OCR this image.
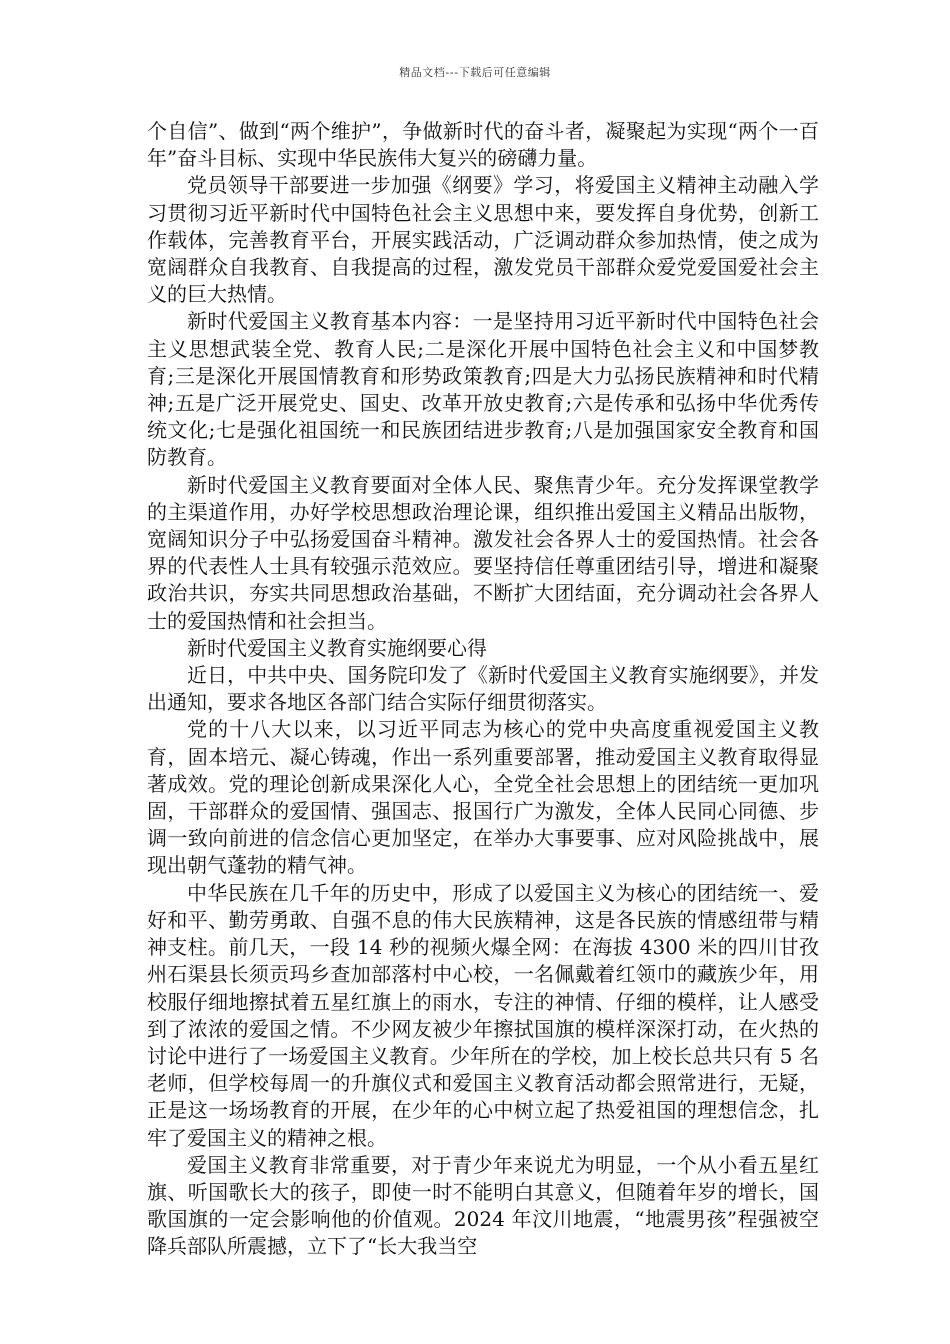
精品文档---下载后可任意编辑

个自信”、做到“两个维护”，争做新时代的奋斗者，凝聚起为实现“两个一百年”奋斗目标、实现中华民族伟大复兴的磅礴力量。

党员领导干部要进一步加强《纲要》学习，将爱国主义精神主动融入学习贯彻习近平新时代中国特色社会主义思想中来，要发挥自身优势，创新工作载体，完善教育平台，开展实践活动，广泛调动群众参加热情，使之成为宽阔群众自我教育、自我提高的过程，激发党员干部群众爱党爱国爱社会主义的巨大热情。

新时代爱国主义教育基本内容：一是坚持用习近平新时代中国特色社会主义思想武装全党、教育人民;二是深化开展中国特色社会主义和中国梦教育;三是深化开展国情教育和形势政策教育;四是大力弘扬民族精神和时代精神;五是广泛开展党史、国史、改革开放史教育;六是传承和弘扬中华优秀传统文化;七是强化祖国统一和民族团结进步教育;八是加强国家安全教育和国防教育。

新时代爱国主义教育要面对全体人民、聚焦青少年。充分发挥课堂教学的主渠道作用，办好学校思想政治理论课，组织推出爱国主义精品出版物，宽阔知识分子中弘扬爱国奋斗精神。激发社会各界人士的爱国热情。社会各界的代表性人士具有较强示范效应。要坚持信任尊重团结引导，增进和凝聚政治共识，夯实共同思想政治基础，不断扩大团结面，充分调动社会各界人士的爱国热情和社会担当。

新时代爱国主义教育实施纲要心得

近日，中共中央、国务院印发了《新时代爱国主义教育实施纲要》，并发出通知，要求各地区各部门结合实际仔细贯彻落实。

党的十八大以来，以习近平同志为核心的党中央高度重视爱国主义教育，固本培元、凝心铸魂，作出一系列重要部署，推动爱国主义教育取得显著成效。党的理论创新成果深化人心，全党全社会思想上的团结统一更加巩固，干部群众的爱国情、强国志、报国行广为激发，全体人民同心同德、步调一致向前进的信念信心更加坚定，在举办大事要事、应对风险挑战中，展现出朝气蓬勃的精气神。

中华民族在几千年的历史中，形成了以爱国主义为核心的团结统一、爱好和平、勤劳勇敢、自强不息的伟大民族精神，这是各民族的情感纽带与精神支柱。前几天，一段 14 秒的视频火爆全网：在海拔 4300 米的四川甘孜州石渠县长须贡玛乡查加部落村中心校，一名佩戴着红领巾的藏族少年，用校服仔细地擦拭着五星红旗上的雨水，专注的神情、仔细的模样，让人感受到了浓浓的爱国之情。不少网友被少年擦拭国旗的模样深深打动，在火热的讨论中进行了一场爱国主义教育。少年所在的学校，加上校长总共只有 5 名老师，但学校每周一的升旗仪式和爱国主义教育活动都会照常进行，无疑，正是这一场场教育的开展，在少年的心中树立起了热爱祖国的理想信念，扎牢了爱国主义的精神之根。

爱国主义教育非常重要，对于青少年来说尤为明显，一个从小看五星红旗、听国歌长大的孩子，即使一时不能明白其意义，但随着年岁的增长，国歌国旗的一定会影响他的价值观。2024 年汶川地震，“地震男孩”程强被空降兵部队所震撼，立下了“长大我当空
